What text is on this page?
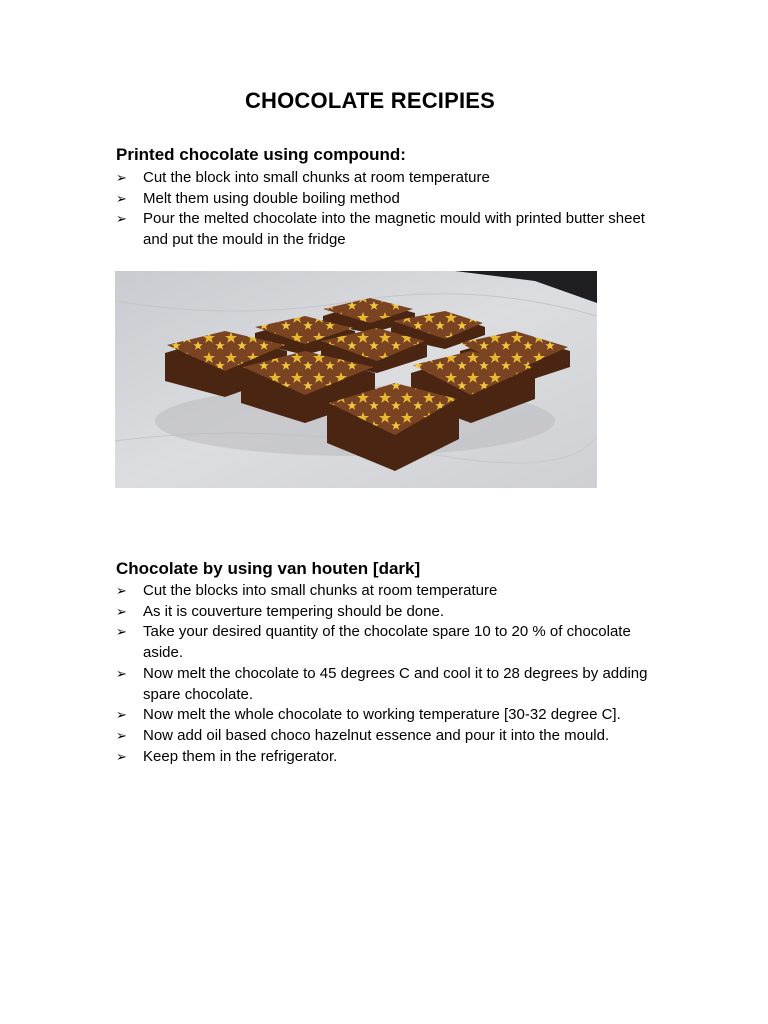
CHOCOLATE RECIPIES
Printed chocolate using compound:
➢ Cut the block into small chunks at room temperature
➢ Melt them using double boiling method
➢ Pour the melted chocolate into the magnetic mould with printed butter sheet and put the mould in the fridge
Chocolate by using van houten [dark]
➢ Cut the blocks into small chunks at room temperature
➢ As it is couverture tempering should be done.
➢ Take your desired quantity of the chocolate spare 10 to 20 % of chocolate aside.
➢ Now melt the chocolate to 45 degrees C and cool it to 28 degrees by adding spare chocolate.
➢ Now melt the whole chocolate to working temperature [30-32 degree C].
➢ Now add oil based choco hazelnut essence and pour it into the mould.
➢ Keep them in the refrigerator.
